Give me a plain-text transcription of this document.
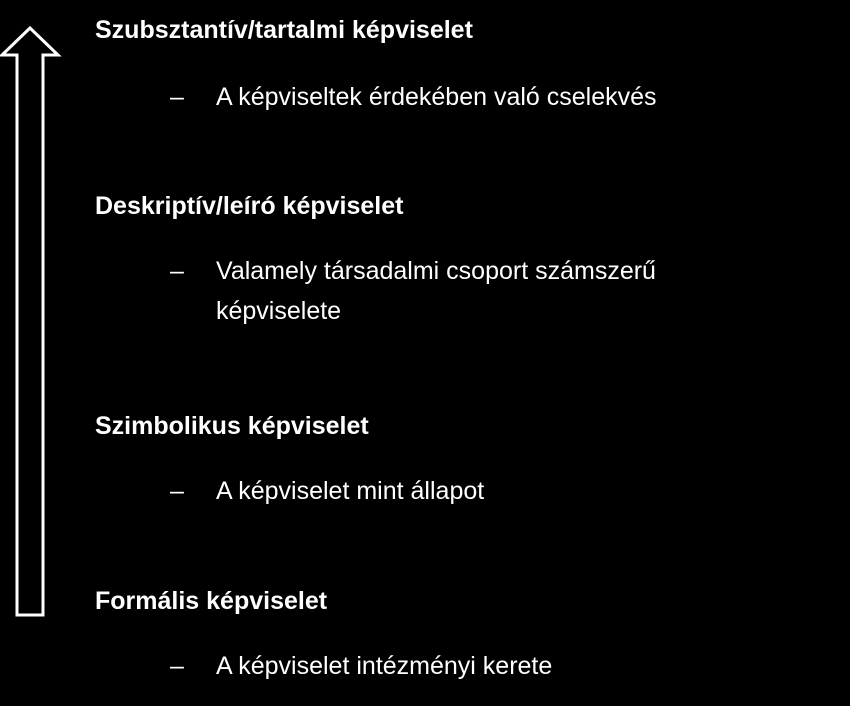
Szubsztantív/tartalmi képviselet
– A képviseltek érdekében való cselekvés
Deskriptív/leíró képviselet
– Valamely társadalmi csoport számszerű képviselete
Szimbolikus képviselet
– A képviselet mint állapot
Formális képviselet
– A képviselet intézményi kerete
